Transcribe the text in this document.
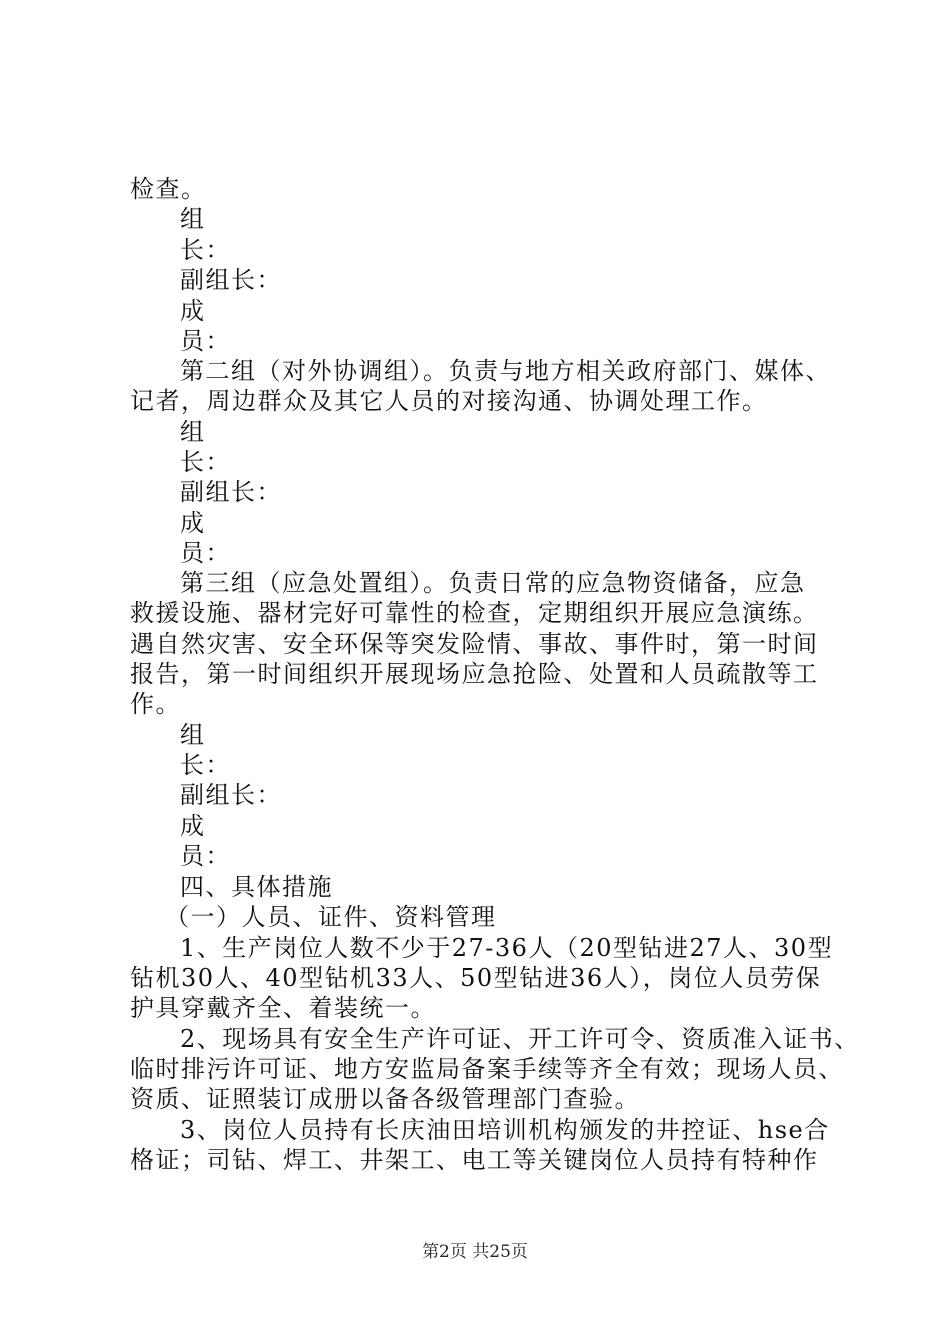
检查。
组
长：
副组长：
成
员：
第二组（对外协调组）。负责与地方相关政府部门、媒体、
记者，周边群众及其它人员的对接沟通、协调处理工作。
组
长：
副组长：
成
员：
第三组（应急处置组）。负责日常的应急物资储备，应急
救援设施、器材完好可靠性的检查，定期组织开展应急演练。
遇自然灾害、安全环保等突发险情、事故、事件时，第一时间
报告，第一时间组织开展现场应急抢险、处置和人员疏散等工
作。
组
长：
副组长：
成
员：
四、具体措施
（一）人员、证件、资料管理
1、生产岗位人数不少于27-36人（20型钻进27人、30型
钻机30人、40型钻机33人、50型钻进36人），岗位人员劳保
护具穿戴齐全、着装统一。
2、现场具有安全生产许可证、开工许可令、资质准入证书、
临时排污许可证、地方安监局备案手续等齐全有效；现场人员、
资质、证照装订成册以备各级管理部门查验。
3、岗位人员持有长庆油田培训机构颁发的井控证、hse合
格证；司钻、焊工、井架工、电工等关键岗位人员持有特种作
第2页 共25页
